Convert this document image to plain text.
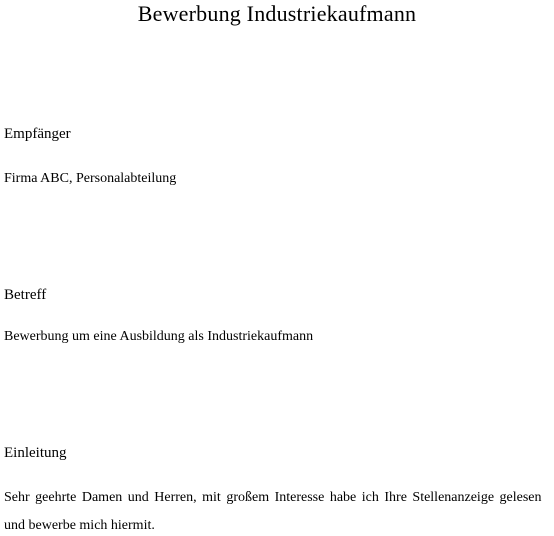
Bewerbung Industriekaufmann
Empfänger

Firma ABC, Personalabteilung

Betreff

Bewerbung um eine Ausbildung als Industriekaufmann

Einleitung

Sehr geehrte Damen und Herren, mit großem Interesse habe ich Ihre Stellenanzeige gelesen

und bewerbe mich hiermit.
